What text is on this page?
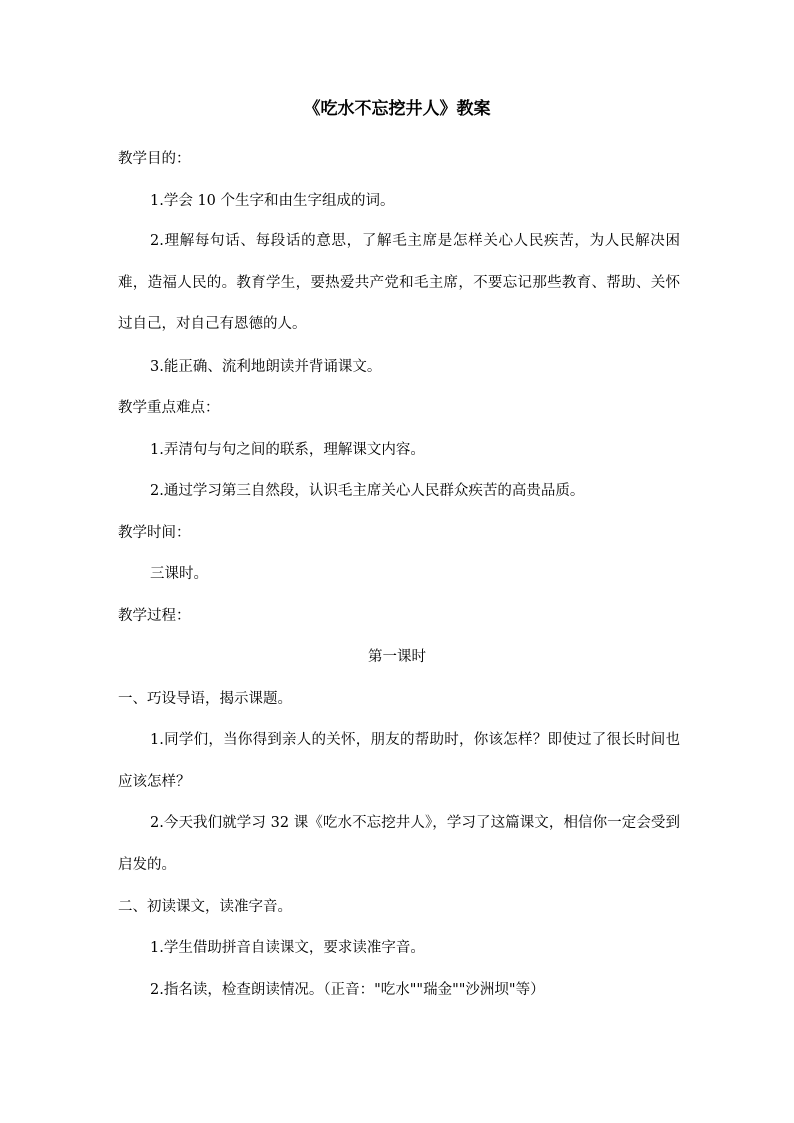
《吃水不忘挖井人》教案
教学目的：
1.学会 10 个生字和由生字组成的词。
2.理解每句话、每段话的意思，了解毛主席是怎样关心人民疾苦，为人民解决困难，造福人民的。教育学生，要热爱共产党和毛主席，不要忘记那些教育、帮助、关怀过自己，对自己有恩德的人。
3.能正确、流利地朗读并背诵课文。
教学重点难点：
1.弄清句与句之间的联系，理解课文内容。
2.通过学习第三自然段，认识毛主席关心人民群众疾苦的高贵品质。
教学时间：
三课时。
教学过程：
第一课时
一、巧设导语，揭示课题。
1.同学们，当你得到亲人的关怀，朋友的帮助时，你该怎样？即使过了很长时间也应该怎样？
2.今天我们就学习 32 课《吃水不忘挖井人》，学习了这篇课文，相信你一定会受到启发的。
二、初读课文，读准字音。
1.学生借助拼音自读课文，要求读准字音。
2.指名读，检查朗读情况。（正音："吃水""瑞金""沙洲坝"等）
